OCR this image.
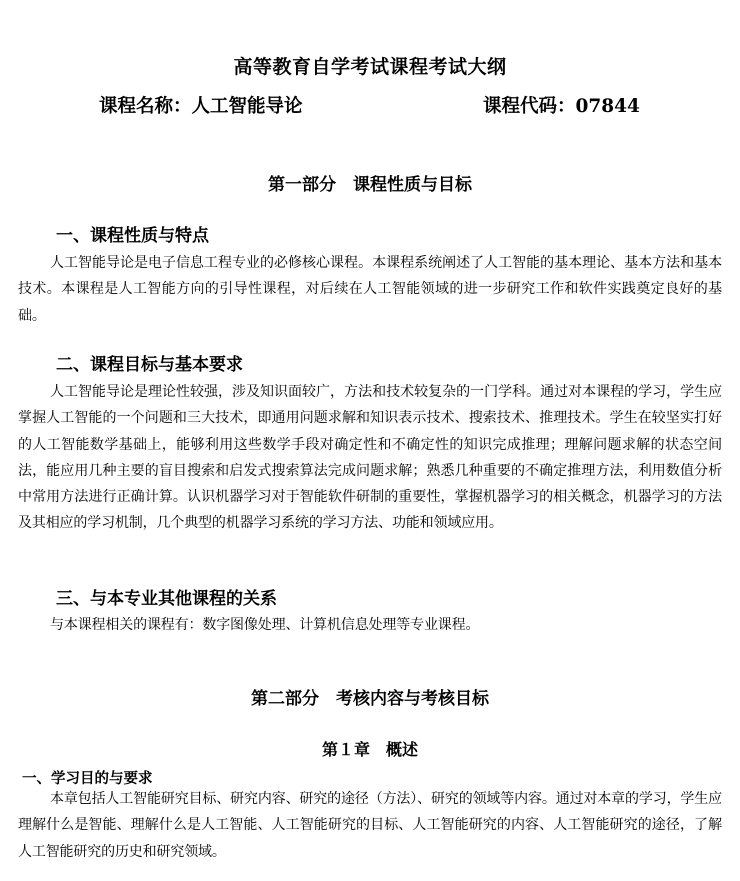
高等教育自学考试课程考试大纲
课程名称：人工智能导论	课程代码：07844
第一部分　课程性质与目标
一、课程性质与特点
人工智能导论是电子信息工程专业的必修核心课程。本课程系统阐述了人工智能的基本理论、基本方法和基本技术。本课程是人工智能方向的引导性课程，对后续在人工智能领域的进一步研究工作和软件实践奠定良好的基础。
二、课程目标与基本要求
人工智能导论是理论性较强，涉及知识面较广，方法和技术较复杂的一门学科。通过对本课程的学习，学生应掌握人工智能的一个问题和三大技术，即通用问题求解和知识表示技术、搜索技术、推理技术。学生在较坚实打好的人工智能数学基础上，能够利用这些数学手段对确定性和不确定性的知识完成推理；理解问题求解的状态空间法，能应用几种主要的盲目搜索和启发式搜索算法完成问题求解；熟悉几种重要的不确定推理方法，利用数值分析中常用方法进行正确计算。认识机器学习对于智能软件研制的重要性，掌握机器学习的相关概念，机器学习的方法及其相应的学习机制，几个典型的机器学习系统的学习方法、功能和领域应用。
三、与本专业其他课程的关系
与本课程相关的课程有：数字图像处理、计算机信息处理等专业课程。
第二部分　考核内容与考核目标
第１章　概述
一、学习目的与要求
本章包括人工智能研究目标、研究内容、研究的途径（方法）、研究的领域等内容。通过对本章的学习，学生应理解什么是智能、理解什么是人工智能、人工智能研究的目标、人工智能研究的内容、人工智能研究的途径，了解人工智能研究的历史和研究领域。
